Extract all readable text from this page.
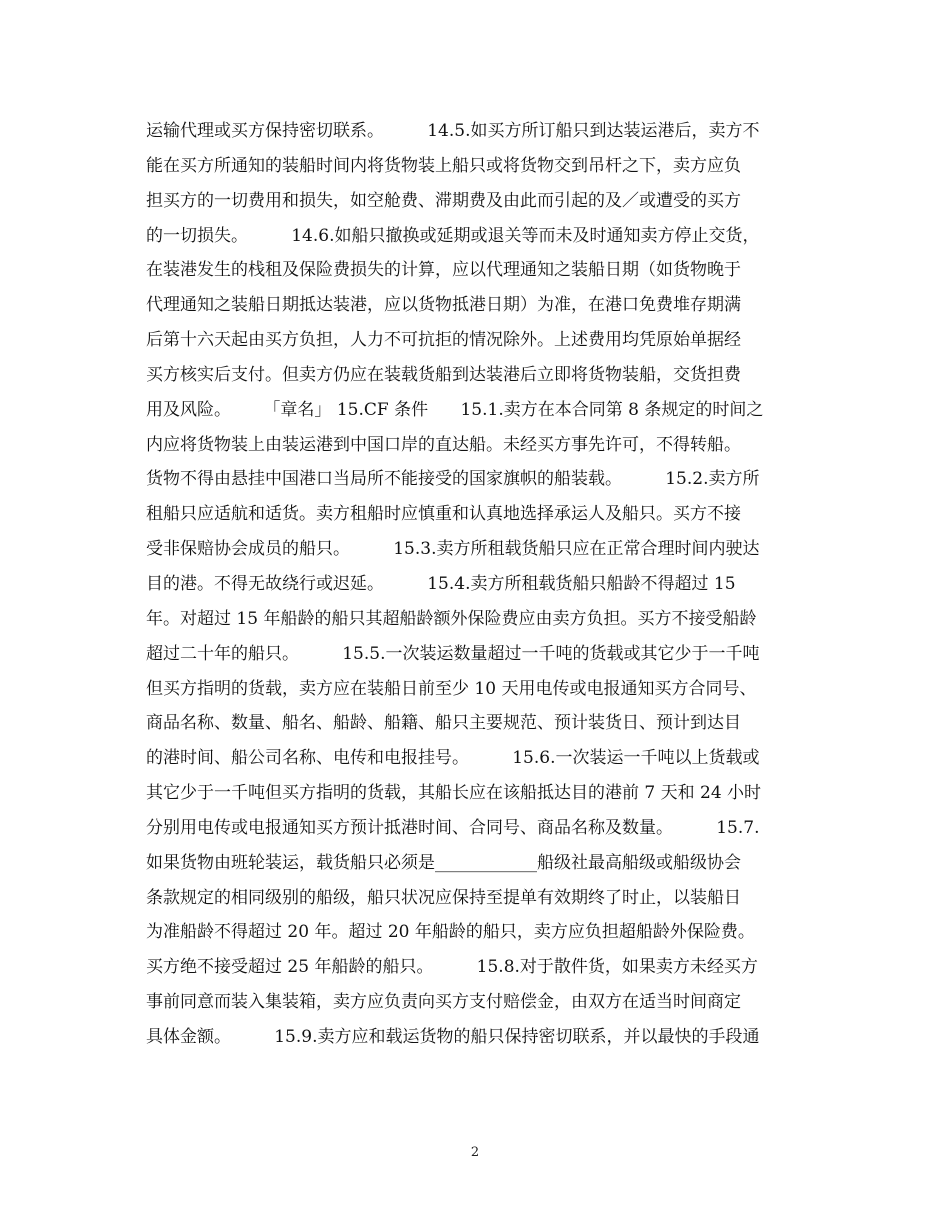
运输代理或买方保持密切联系。        14.5.如买方所订船只到达装运港后，卖方不
能在买方所通知的装船时间内将货物装上船只或将货物交到吊杆之下，卖方应负
担买方的一切费用和损失，如空舱费、滞期费及由此而引起的及／或遭受的买方
的一切损失。        14.6.如船只撤换或延期或退关等而未及时通知卖方停止交货，
在装港发生的栈租及保险费损失的计算，应以代理通知之装船日期（如货物晚于
代理通知之装船日期抵达装港，应以货物抵港日期）为准，在港口免费堆存期满
后第十六天起由买方负担，人力不可抗拒的情况除外。上述费用均凭原始单据经
买方核实后支付。但卖方仍应在装载货船到达装港后立即将货物装船，交货担费
用及风险。      「章名」 15.CF 条件      15.1.卖方在本合同第 8 条规定的时间之
内应将货物装上由装运港到中国口岸的直达船。未经买方事先许可，不得转船。
货物不得由悬挂中国港口当局所不能接受的国家旗帜的船装载。        15.2.卖方所
租船只应适航和适货。卖方租船时应慎重和认真地选择承运人及船只。买方不接
受非保赔协会成员的船只。        15.3.卖方所租载货船只应在正常合理时间内驶达
目的港。不得无故绕行或迟延。        15.4.卖方所租载货船只船龄不得超过 15
年。对超过 15 年船龄的船只其超船龄额外保险费应由卖方负担。买方不接受船龄
超过二十年的船只。        15.5.一次装运数量超过一千吨的货载或其它少于一千吨
但买方指明的货载，卖方应在装船日前至少 10 天用电传或电报通知买方合同号、
商品名称、数量、船名、船龄、船籍、船只主要规范、预计装货日、预计到达目
的港时间、船公司名称、电传和电报挂号。        15.6.一次装运一千吨以上货载或
其它少于一千吨但买方指明的货载，其船长应在该船抵达目的港前 7 天和 24 小时
分别用电传或电报通知买方预计抵港时间、合同号、商品名称及数量。        15.7.
如果货物由班轮装运，载货船只必须是____________船级社最高船级或船级协会
条款规定的相同级别的船级，船只状况应保持至提单有效期终了时止，以装船日
为准船龄不得超过 20 年。超过 20 年船龄的船只，卖方应负担超船龄外保险费。
买方绝不接受超过 25 年船龄的船只。        15.8.对于散件货，如果卖方未经买方
事前同意而装入集装箱，卖方应负责向买方支付赔偿金，由双方在适当时间商定
具体金额。        15.9.卖方应和载运货物的船只保持密切联系，并以最快的手段通
2
